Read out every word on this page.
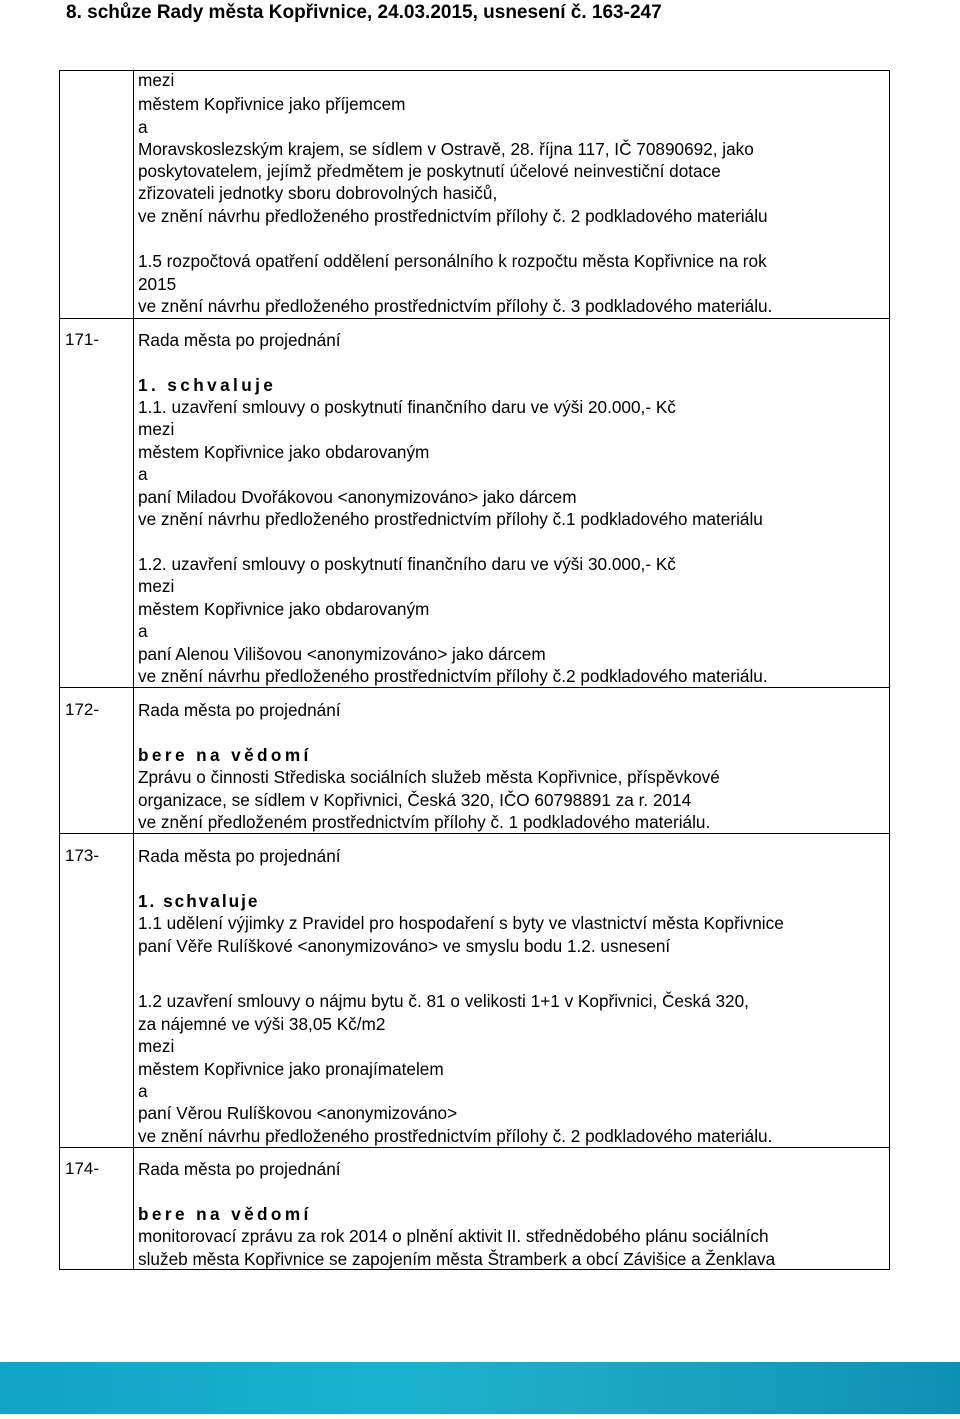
8. schůze Rady města Kopřivnice, 24.03.2015, usnesení č. 163-247
mezi
městem Kopřivnice jako příjemcem
a
Moravskoslezským krajem, se sídlem v Ostravě, 28. října 117, IČ 70890692, jako
poskytovatelem, jejímž předmětem je poskytnutí účelové neinvestiční dotace
zřizovateli jednotky sboru dobrovolných hasičů,
ve znění návrhu předloženého prostřednictvím přílohy č. 2 podkladového materiálu
1.5 rozpočtová opatření oddělení personálního k rozpočtu města Kopřivnice na rok
2015
ve znění návrhu předloženého prostřednictvím přílohy č. 3 podkladového materiálu.
171- Rada města po projednání
1. schvaluje
1.1. uzavření smlouvy o poskytnutí finančního daru ve výši 20.000,- Kč
mezi
městem Kopřivnice jako obdarovaným
a
paní Miladou Dvořákovou <anonymizováno> jako dárcem
ve znění návrhu předloženého prostřednictvím přílohy č.1 podkladového materiálu
1.2. uzavření smlouvy o poskytnutí finančního daru ve výši 30.000,- Kč
mezi
městem Kopřivnice jako obdarovaným
a
paní Alenou Vilišovou <anonymizováno> jako dárcem
ve znění návrhu předloženého prostřednictvím přílohy č.2 podkladového materiálu.
172- Rada města po projednání
bere na vědomí
Zprávu o činnosti Střediska sociálních služeb města Kopřivnice, příspěvkové
organizace, se sídlem v Kopřivnici, Česká 320, IČO 60798891 za r. 2014
ve znění předloženém prostřednictvím přílohy č. 1 podkladového materiálu.
173- Rada města po projednání
1. schvaluje
1.1 udělení výjimky z Pravidel pro hospodaření s byty ve vlastnictví města Kopřivnice
paní Věře Rulíškové <anonymizováno> ve smyslu bodu 1.2. usnesení
1.2 uzavření smlouvy o nájmu bytu č. 81 o velikosti 1+1 v Kopřivnici, Česká 320,
za nájemné ve výši 38,05 Kč/m2
mezi
městem Kopřivnice jako pronajímatelem
a
paní Věrou Rulíškovou <anonymizováno>
ve znění návrhu předloženého prostřednictvím přílohy č. 2 podkladového materiálu.
174- Rada města po projednání
bere na vědomí
monitorovací zprávu za rok 2014 o plnění aktivit II. střednědobého plánu sociálních
služeb města Kopřivnice se zapojením města Štramberk a obcí Závišice a Ženklava
